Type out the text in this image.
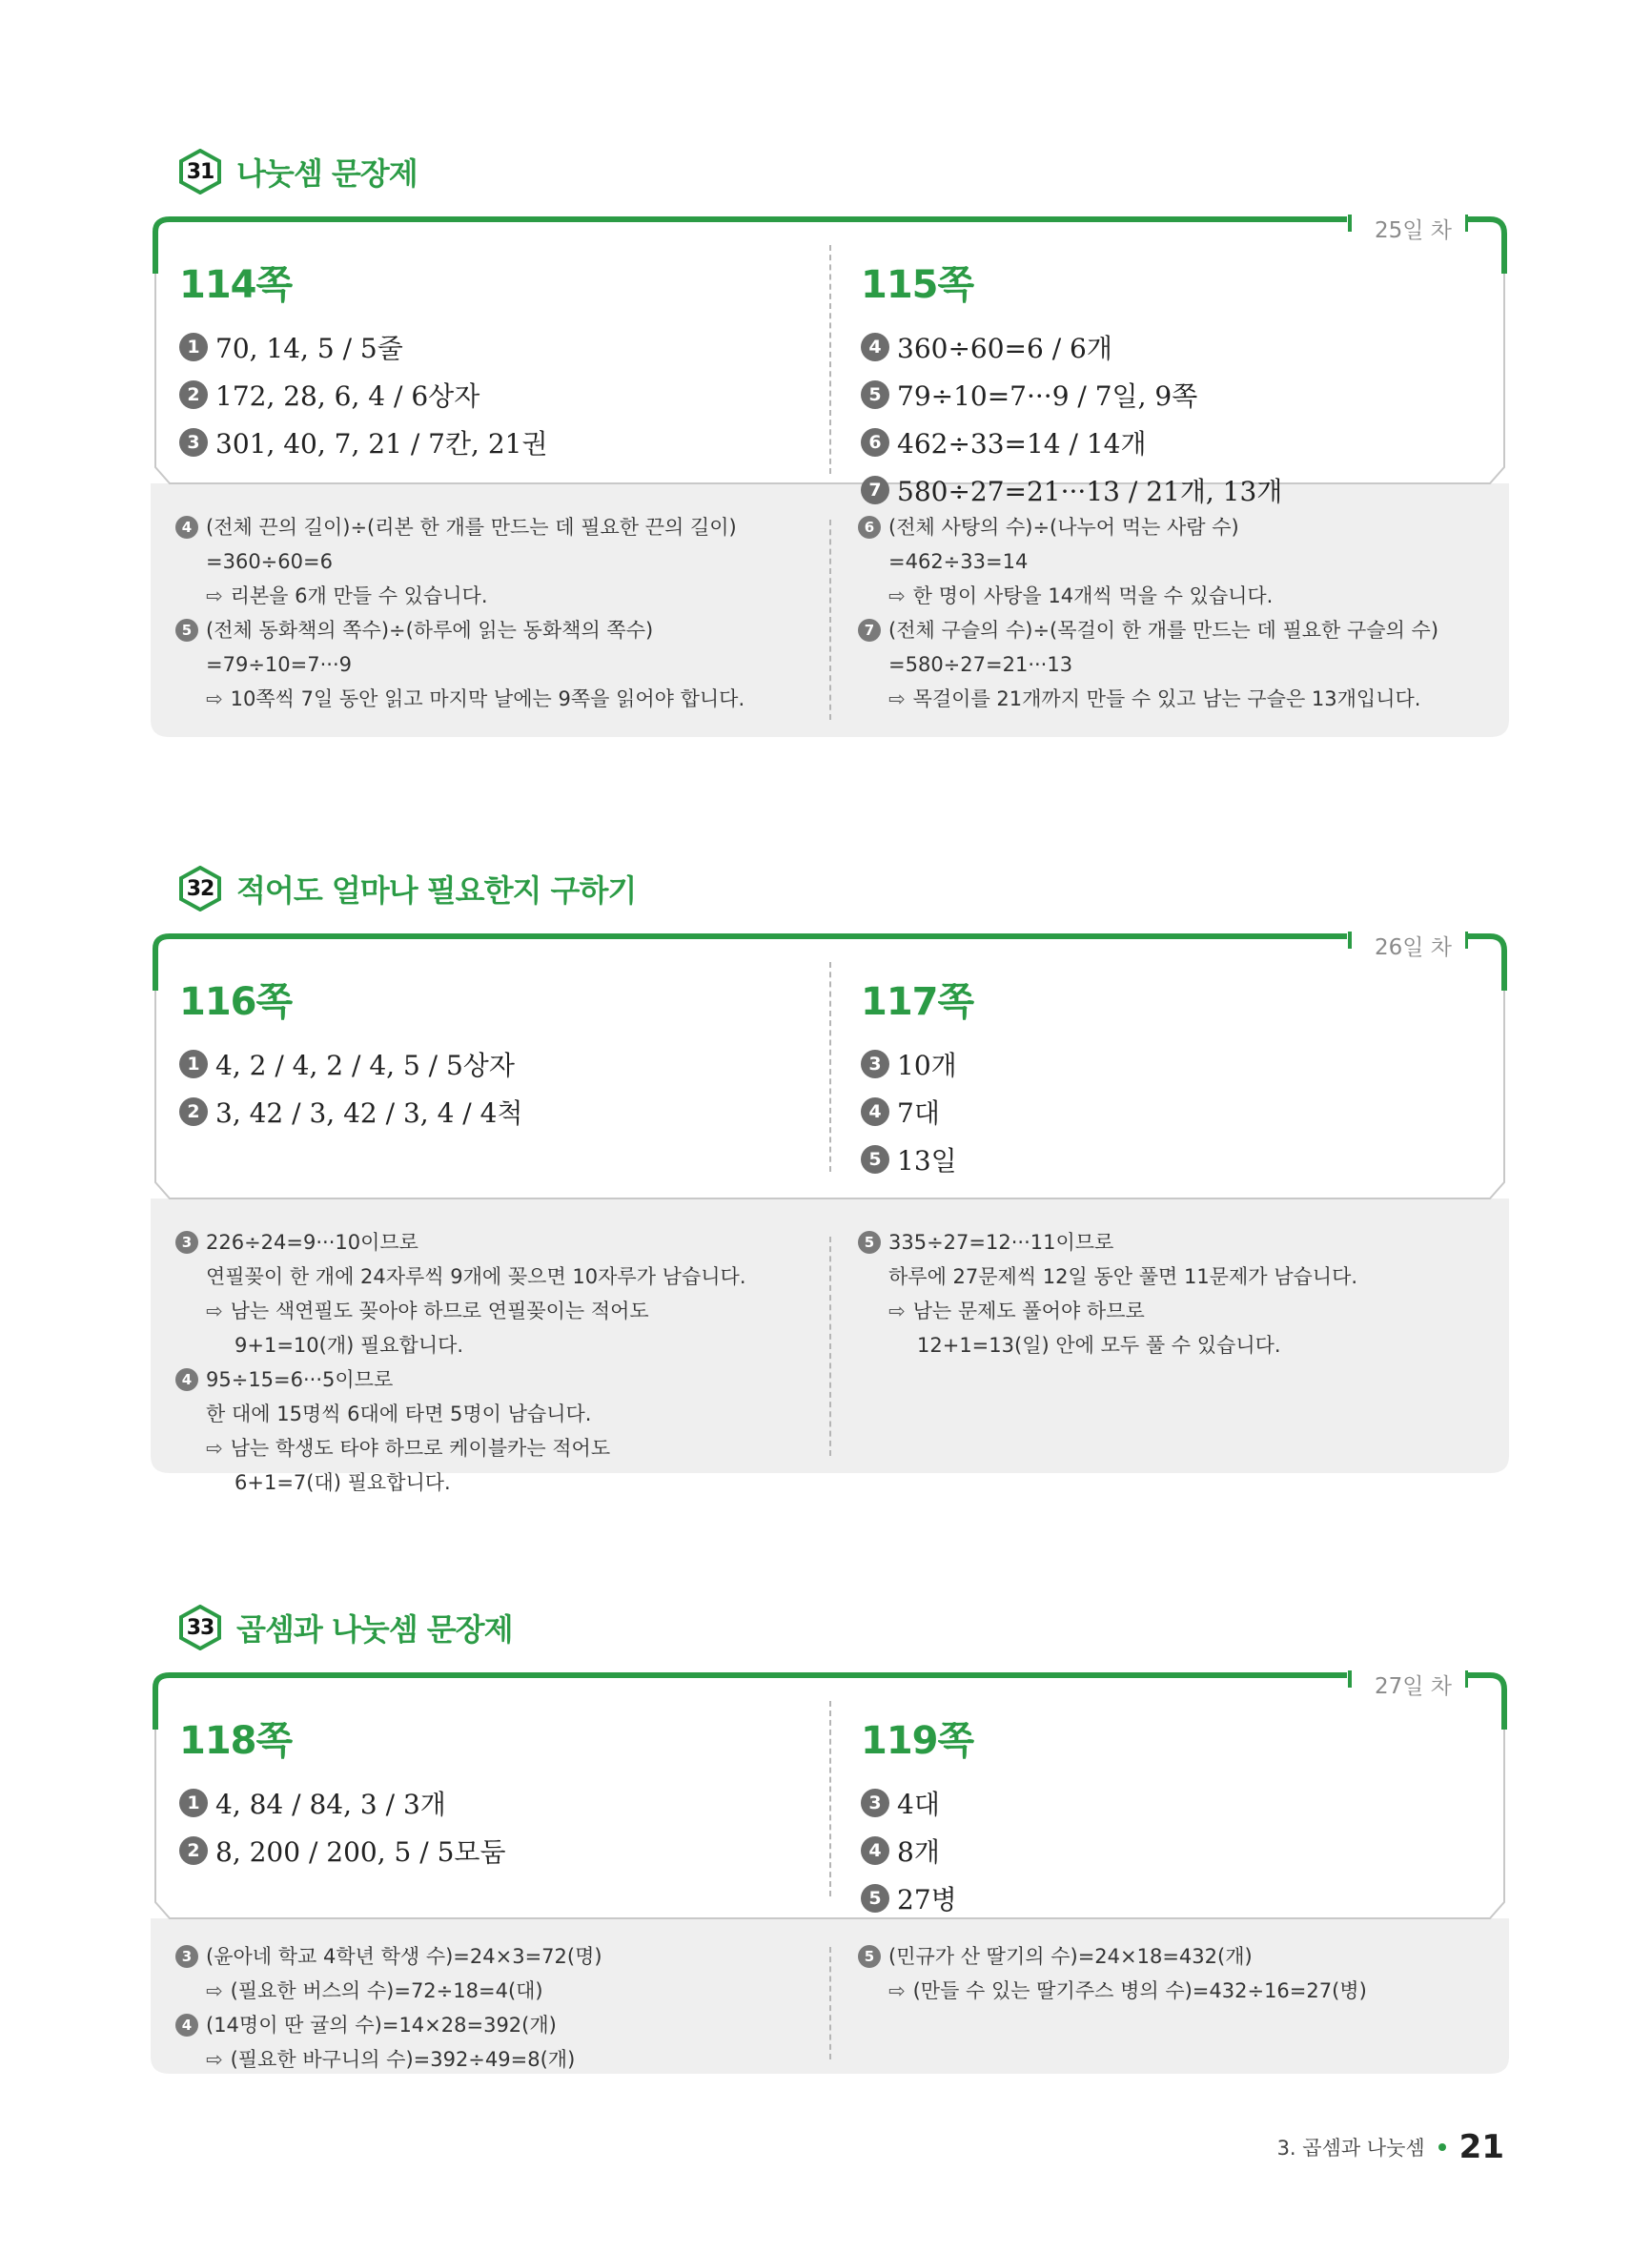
31 나눗셈 문장제
25일 차
114쪽
1 70, 14, 5 / 5줄
2 172, 28, 6, 4 / 6상자
3 301, 40, 7, 21 / 7칸, 21권
115쪽
4 360÷60=6 / 6개
5 79÷10=7···9 / 7일, 9쪽
6 462÷33=14 / 14개
7 580÷27=21···13 / 21개, 13개
4 (전체 끈의 길이)÷(리본 한 개를 만드는 데 필요한 끈의 길이)
=360÷60=6
⇨ 리본을 6개 만들 수 있습니다.
5 (전체 동화책의 쪽수)÷(하루에 읽는 동화책의 쪽수)
=79÷10=7···9
⇨ 10쪽씩 7일 동안 읽고 마지막 날에는 9쪽을 읽어야 합니다.
6 (전체 사탕의 수)÷(나누어 먹는 사람 수)
=462÷33=14
⇨ 한 명이 사탕을 14개씩 먹을 수 있습니다.
7 (전체 구슬의 수)÷(목걸이 한 개를 만드는 데 필요한 구슬의 수)
=580÷27=21···13
⇨ 목걸이를 21개까지 만들 수 있고 남는 구슬은 13개입니다.
32 적어도 얼마나 필요한지 구하기
26일 차
116쪽
1 4, 2 / 4, 2 / 4, 5 / 5상자
2 3, 42 / 3, 42 / 3, 4 / 4척
117쪽
3 10개
4 7대
5 13일
3 226÷24=9···10이므로
연필꽂이 한 개에 24자루씩 9개에 꽂으면 10자루가 남습니다.
⇨ 남는 색연필도 꽂아야 하므로 연필꽂이는 적어도
9+1=10(개) 필요합니다.
4 95÷15=6···5이므로
한 대에 15명씩 6대에 타면 5명이 남습니다.
⇨ 남는 학생도 타야 하므로 케이블카는 적어도
6+1=7(대) 필요합니다.
5 335÷27=12···11이므로
하루에 27문제씩 12일 동안 풀면 11문제가 남습니다.
⇨ 남는 문제도 풀어야 하므로
12+1=13(일) 안에 모두 풀 수 있습니다.
33 곱셈과 나눗셈 문장제
27일 차
118쪽
1 4, 84 / 84, 3 / 3개
2 8, 200 / 200, 5 / 5모둠
119쪽
3 4대
4 8개
5 27병
3 (윤아네 학교 4학년 학생 수)=24×3=72(명)
⇨ (필요한 버스의 수)=72÷18=4(대)
4 (14명이 딴 귤의 수)=14×28=392(개)
⇨ (필요한 바구니의 수)=392÷49=8(개)
5 (민규가 산 딸기의 수)=24×18=432(개)
⇨ (만들 수 있는 딸기주스 병의 수)=432÷16=27(병)
3. 곱셈과 나눗셈 21
